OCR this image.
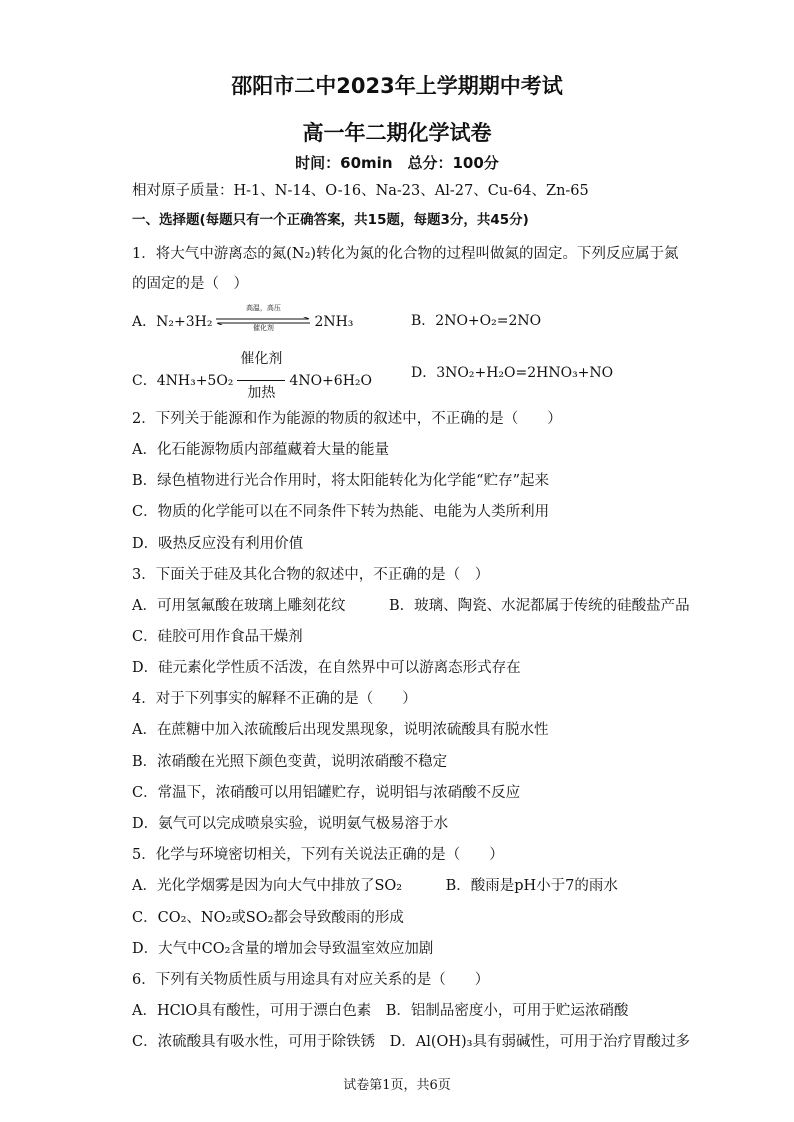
邵阳市二中2023年上学期期中考试
高一年二期化学试卷
时间：60min　总分：100分
相对原子质量：H-1、N-14、O-16、Na-23、Al-27、Cu-64、Zn-65
一、选择题(每题只有一个正确答案，共15题，每题3分，共45分)
1．将大气中游离态的氮(N₂)转化为氮的化合物的过程叫做氮的固定。下列反应属于氮
的固定的是（　）
A．N₂+3H₂
高温，高压
催化剂	2NH₃	B．2NO+O₂=2NO
C．4NH₃+5O₂
催化剂
加热
4NO+6H₂O	D．3NO₂+H₂O=2HNO₃+NO
2．下列关于能源和作为能源的物质的叙述中，不正确的是（　　）
A．化石能源物质内部蕴藏着大量的能量
B．绿色植物进行光合作用时，将太阳能转化为化学能“贮存”起来
C．物质的化学能可以在不同条件下转为热能、电能为人类所利用
D．吸热反应没有利用价值
3．下面关于硅及其化合物的叙述中，不正确的是（　）
A．可用氢氟酸在玻璃上雕刻花纹　　　B．玻璃、陶瓷、水泥都属于传统的硅酸盐产品
C．硅胶可用作食品干燥剂
D．硅元素化学性质不活泼，在自然界中可以游离态形式存在
4．对于下列事实的解释不正确的是（　　）
A．在蔗糖中加入浓硫酸后出现发黑现象，说明浓硫酸具有脱水性
B．浓硝酸在光照下颜色变黄，说明浓硝酸不稳定
C．常温下，浓硝酸可以用铝罐贮存，说明铝与浓硝酸不反应
D．氨气可以完成喷泉实验，说明氨气极易溶于水
5．化学与环境密切相关，下列有关说法正确的是（　　）
A．光化学烟雾是因为向大气中排放了SO₂　　　B．酸雨是pH小于7的雨水
C．CO₂、NO₂或SO₂都会导致酸雨的形成
D．大气中CO₂含量的增加会导致温室效应加剧
6．下列有关物质性质与用途具有对应关系的是（　　）
A．HClO具有酸性，可用于漂白色素　B．铝制品密度小，可用于贮运浓硝酸
C．浓硫酸具有吸水性，可用于除铁锈　D．Al(OH)₃具有弱碱性，可用于治疗胃酸过多
试卷第1页，共6页
